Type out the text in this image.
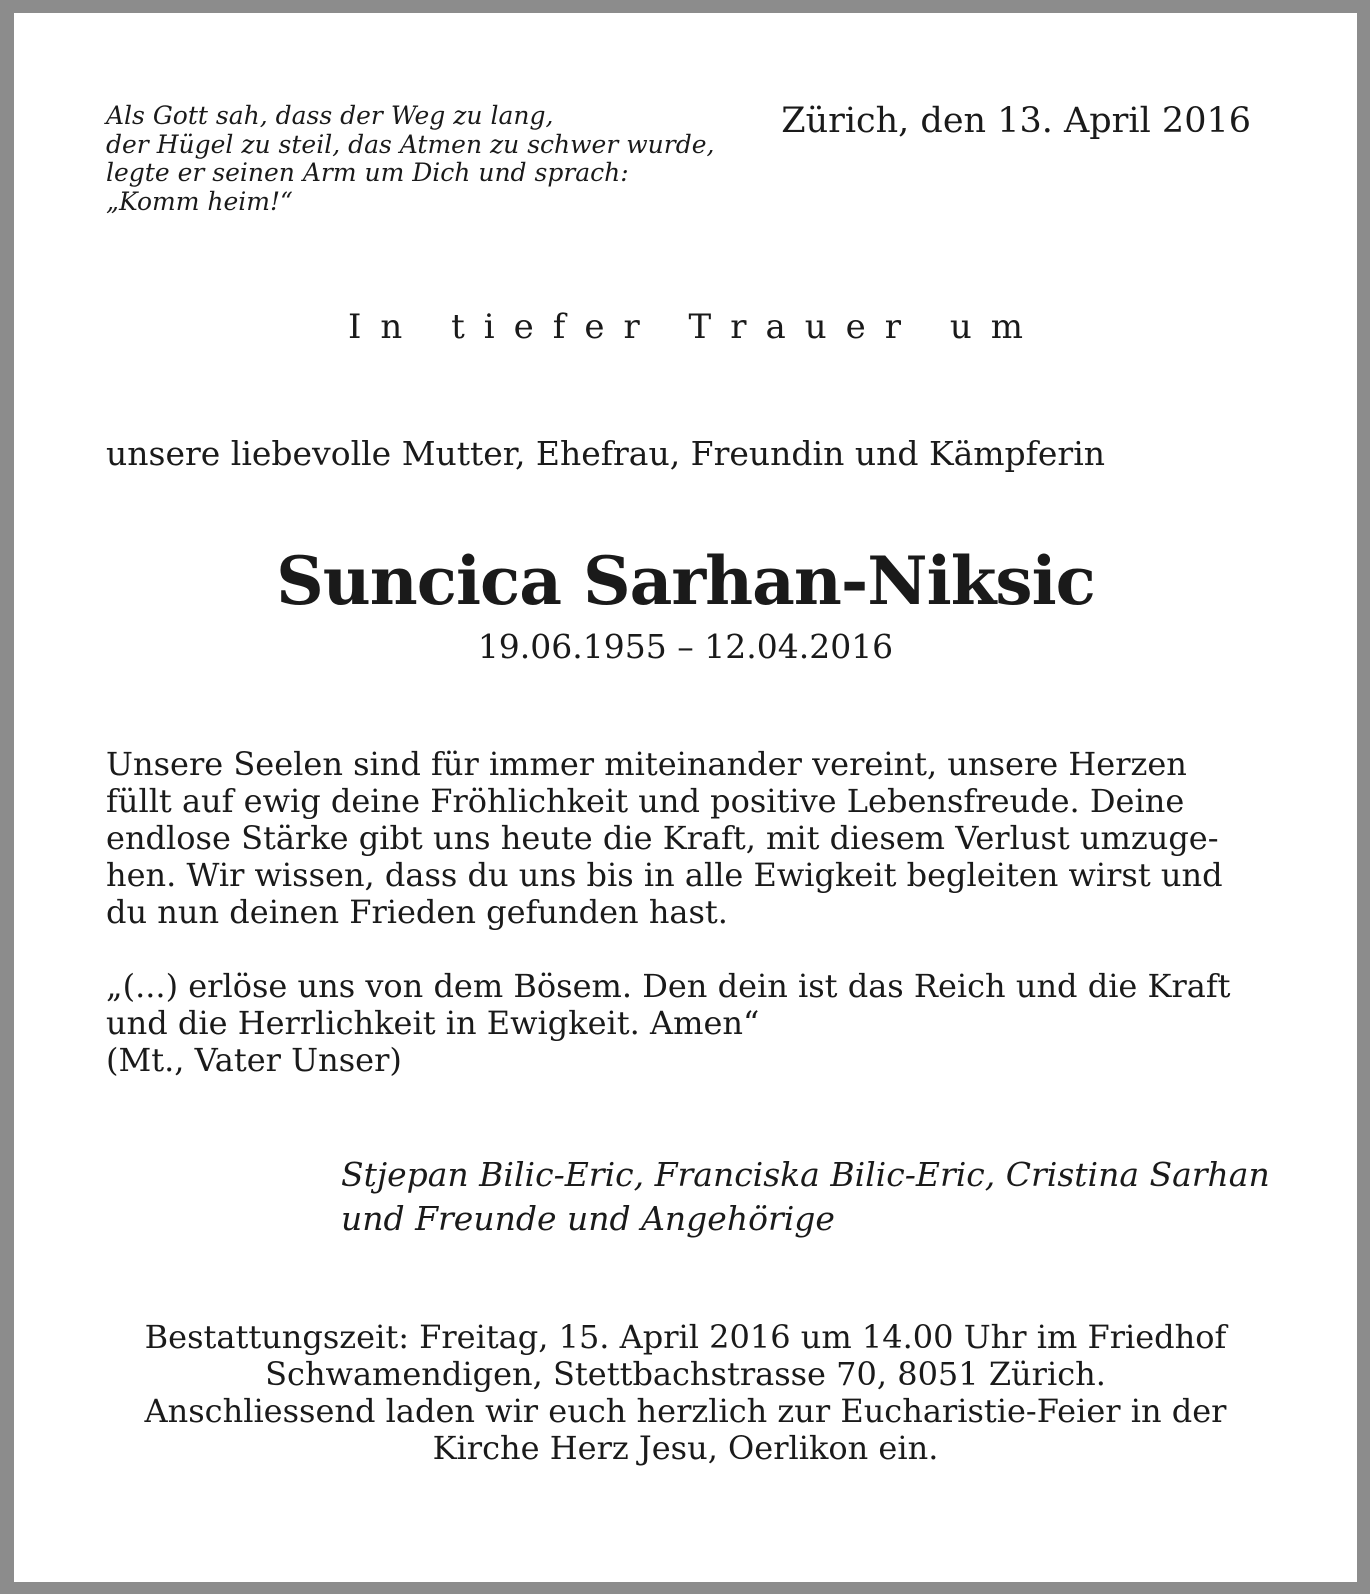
Als Gott sah, dass der Weg zu lang,
der Hügel zu steil, das Atmen zu schwer wurde,
legte er seinen Arm um Dich und sprach:
„Komm heim!“
Zürich, den 13. April 2016
In tiefer Trauer um
unsere liebevolle Mutter, Ehefrau, Freundin und Kämpferin
Suncica Sarhan-Niksic
19.06.1955 – 12.04.2016
Unsere Seelen sind für immer miteinander vereint, unsere Herzen
füllt auf ewig deine Fröhlichkeit und positive Lebensfreude. Deine
endlose Stärke gibt uns heute die Kraft, mit diesem Verlust umzuge-
hen. Wir wissen, dass du uns bis in alle Ewigkeit begleiten wirst und
du nun deinen Frieden gefunden hast.
„(...) erlöse uns von dem Bösem. Den dein ist das Reich und die Kraft
und die Herrlichkeit in Ewigkeit. Amen“
(Mt., Vater Unser)
Stjepan Bilic-Eric, Franciska Bilic-Eric, Cristina Sarhan
und Freunde und Angehörige
Bestattungszeit: Freitag, 15. April 2016 um 14.00 Uhr im Friedhof
Schwamendigen, Stettbachstrasse 70, 8051 Zürich.
Anschliessend laden wir euch herzlich zur Eucharistie-Feier in der
Kirche Herz Jesu, Oerlikon ein.
